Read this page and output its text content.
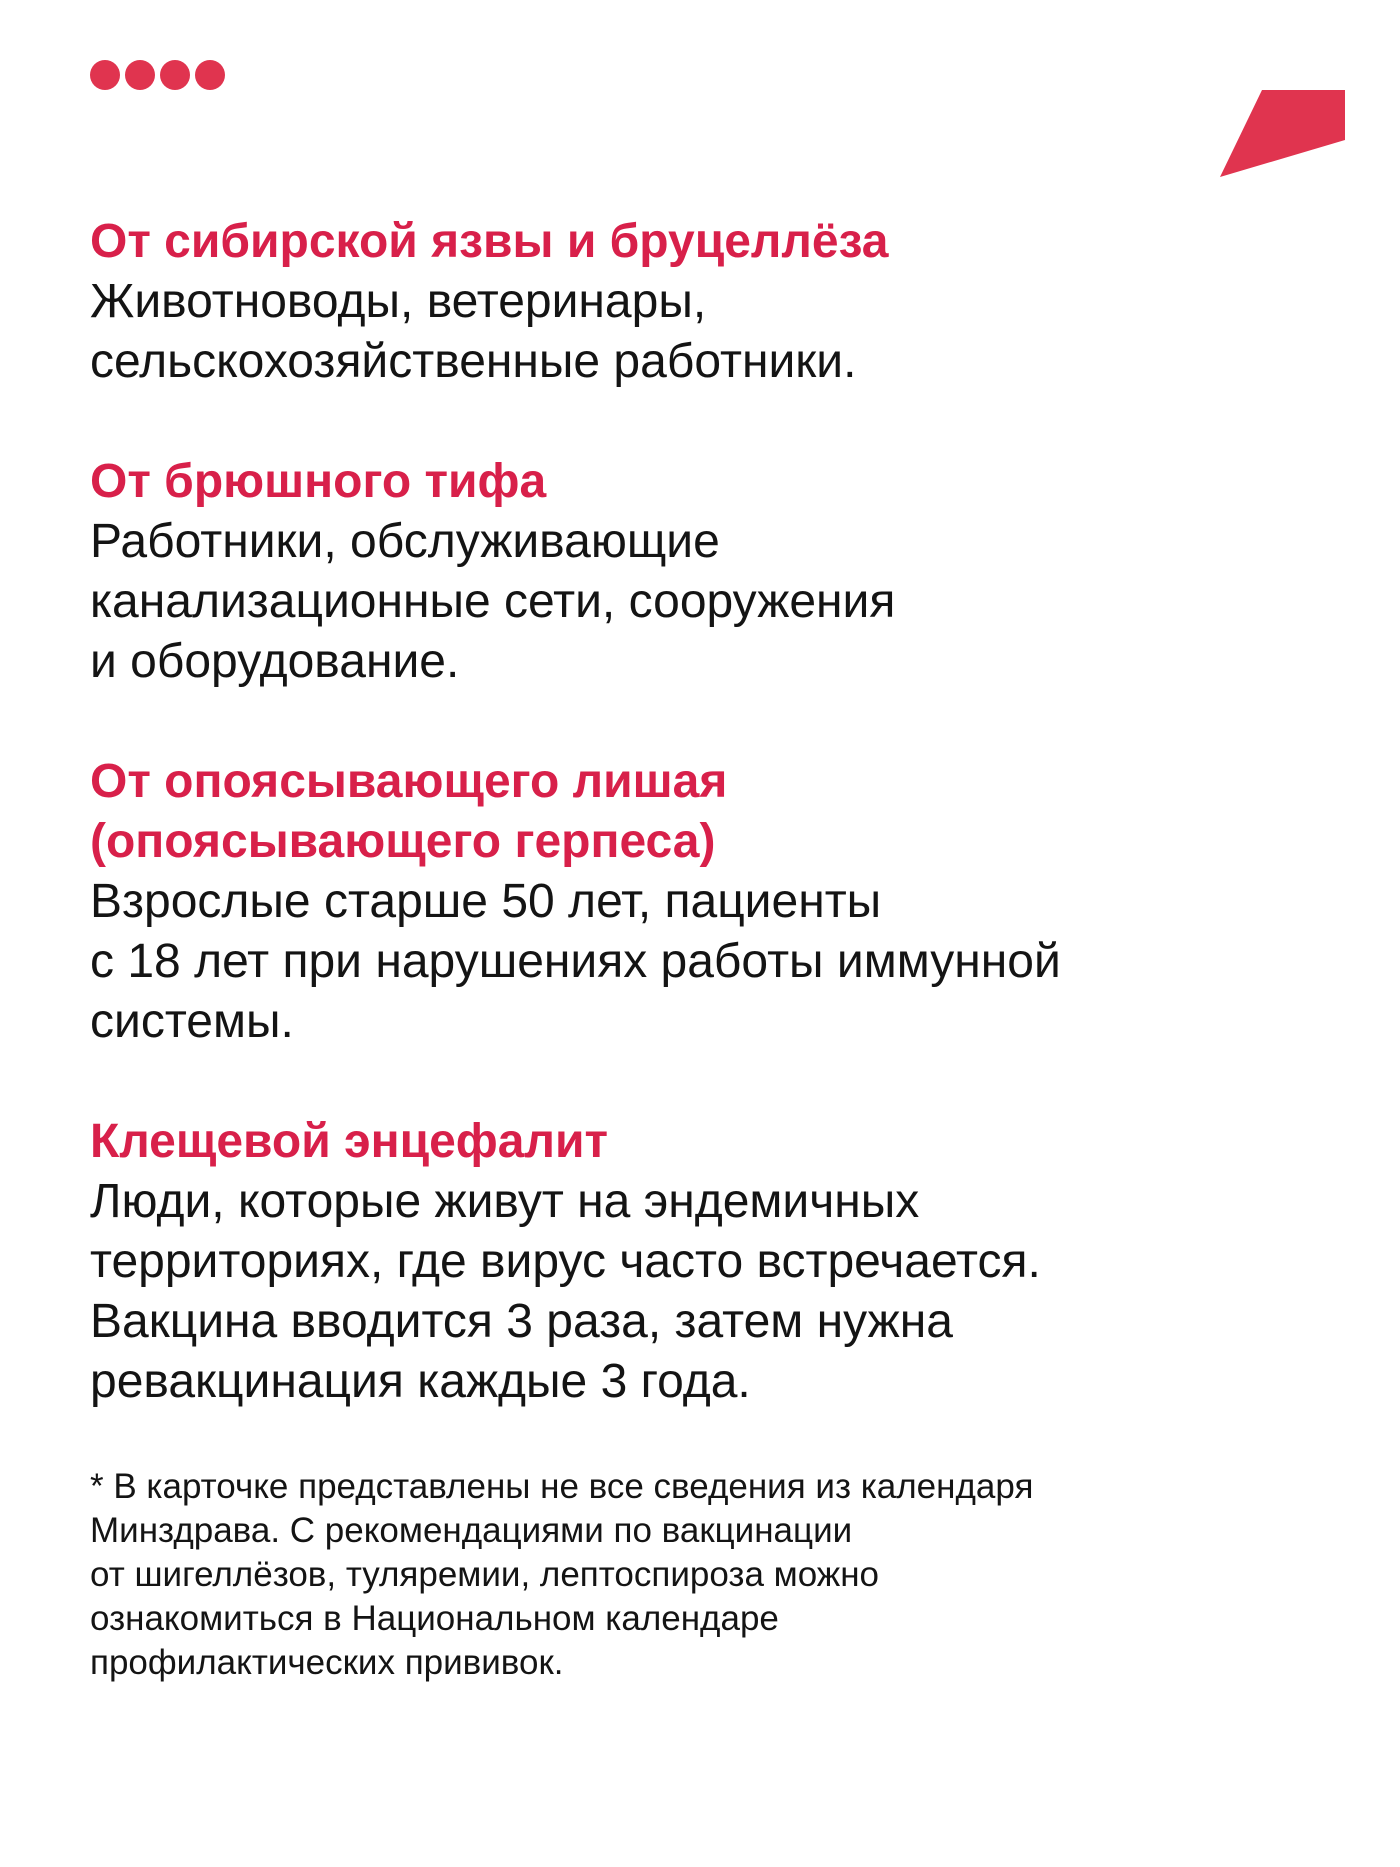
От сибирской язвы и бруцеллёза

Животноводы, ветеринары,
сельскохозяйственные работники.

От брюшного тифа

Работники, обслуживающие
канализационные сети, сооружения
и оборудование.

От опоясывающего лишая
(опоясывающего герпеса)

Взрослые старше 50 лет, пациенты
с 18 лет при нарушениях работы иммунной
системы.

Клещевой энцефалит

Люди, которые живут на эндемичных
территориях, где вирус часто встречается.
Вакцина вводится 3 раза, затем нужна
ревакцинация каждые 3 года.

* В карточке представлены не все сведения из календаря
Минздрава. С рекомендациями по вакцинации
от шигеллёзов, туляремии, лептоспироза можно
ознакомиться в Национальном календаре
профилактических прививок.
